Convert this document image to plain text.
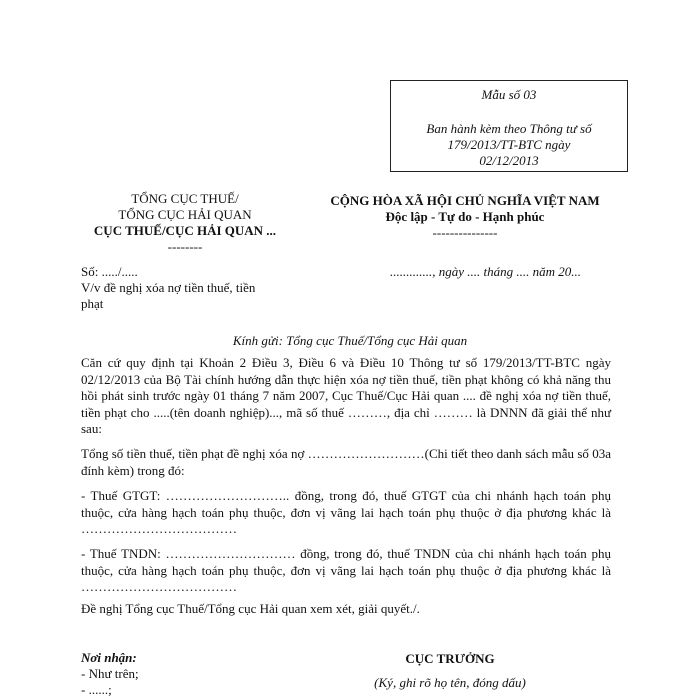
Mẫu số 03
Ban hành kèm theo Thông tư số
179/2013/TT-BTC ngày
02/12/2013
TỔNG CỤC THUẾ/
TỔNG CỤC HẢI QUAN
CỤC THUẾ/CỤC HẢI QUAN ...
--------
CỘNG HÒA XÃ HỘI CHỦ NGHĨA VIỆT NAM
Độc lập - Tự do - Hạnh phúc
---------------
Số: ...../.....
V/v đề nghị xóa nợ tiền thuế, tiền
phạt
............., ngày .... tháng .... năm 20...
Kính gửi: Tổng cục Thuế/Tổng cục Hải quan
Căn cứ quy định tại Khoản 2 Điều 3, Điều 6 và Điều 10 Thông tư số 179/2013/TT-BTC ngày 02/12/2013 của Bộ Tài chính hướng dẫn thực hiện xóa nợ tiền thuế, tiền phạt không có khả năng thu hồi phát sinh trước ngày 01 tháng 7 năm 2007, Cục Thuế/Cục Hải quan .... đề nghị xóa nợ tiền thuế, tiền phạt cho .....(tên doanh nghiệp)..., mã số thuế ………, địa chỉ ……… là DNNN đã giải thể như sau:
Tổng số tiền thuế, tiền phạt đề nghị xóa nợ ………………………(Chi tiết theo danh sách mẫu số 03a đính kèm) trong đó:
- Thuế GTGT: ……………………….. đồng, trong đó, thuế GTGT của chi nhánh hạch toán phụ thuộc, cửa hàng hạch toán phụ thuộc, đơn vị vãng lai hạch toán phụ thuộc ở địa phương khác là ………………………………
- Thuế TNDN: ………………………… đồng, trong đó, thuế TNDN của chi nhánh hạch toán phụ thuộc, cửa hàng hạch toán phụ thuộc, đơn vị vãng lai hạch toán phụ thuộc ở địa phương khác là ………………………………
Đề nghị Tổng cục Thuế/Tổng cục Hải quan xem xét, giải quyết./.
Nơi nhận:
- Như trên;
- ......;
CỤC TRƯỞNG
(Ký, ghi rõ họ tên, đóng dấu)
